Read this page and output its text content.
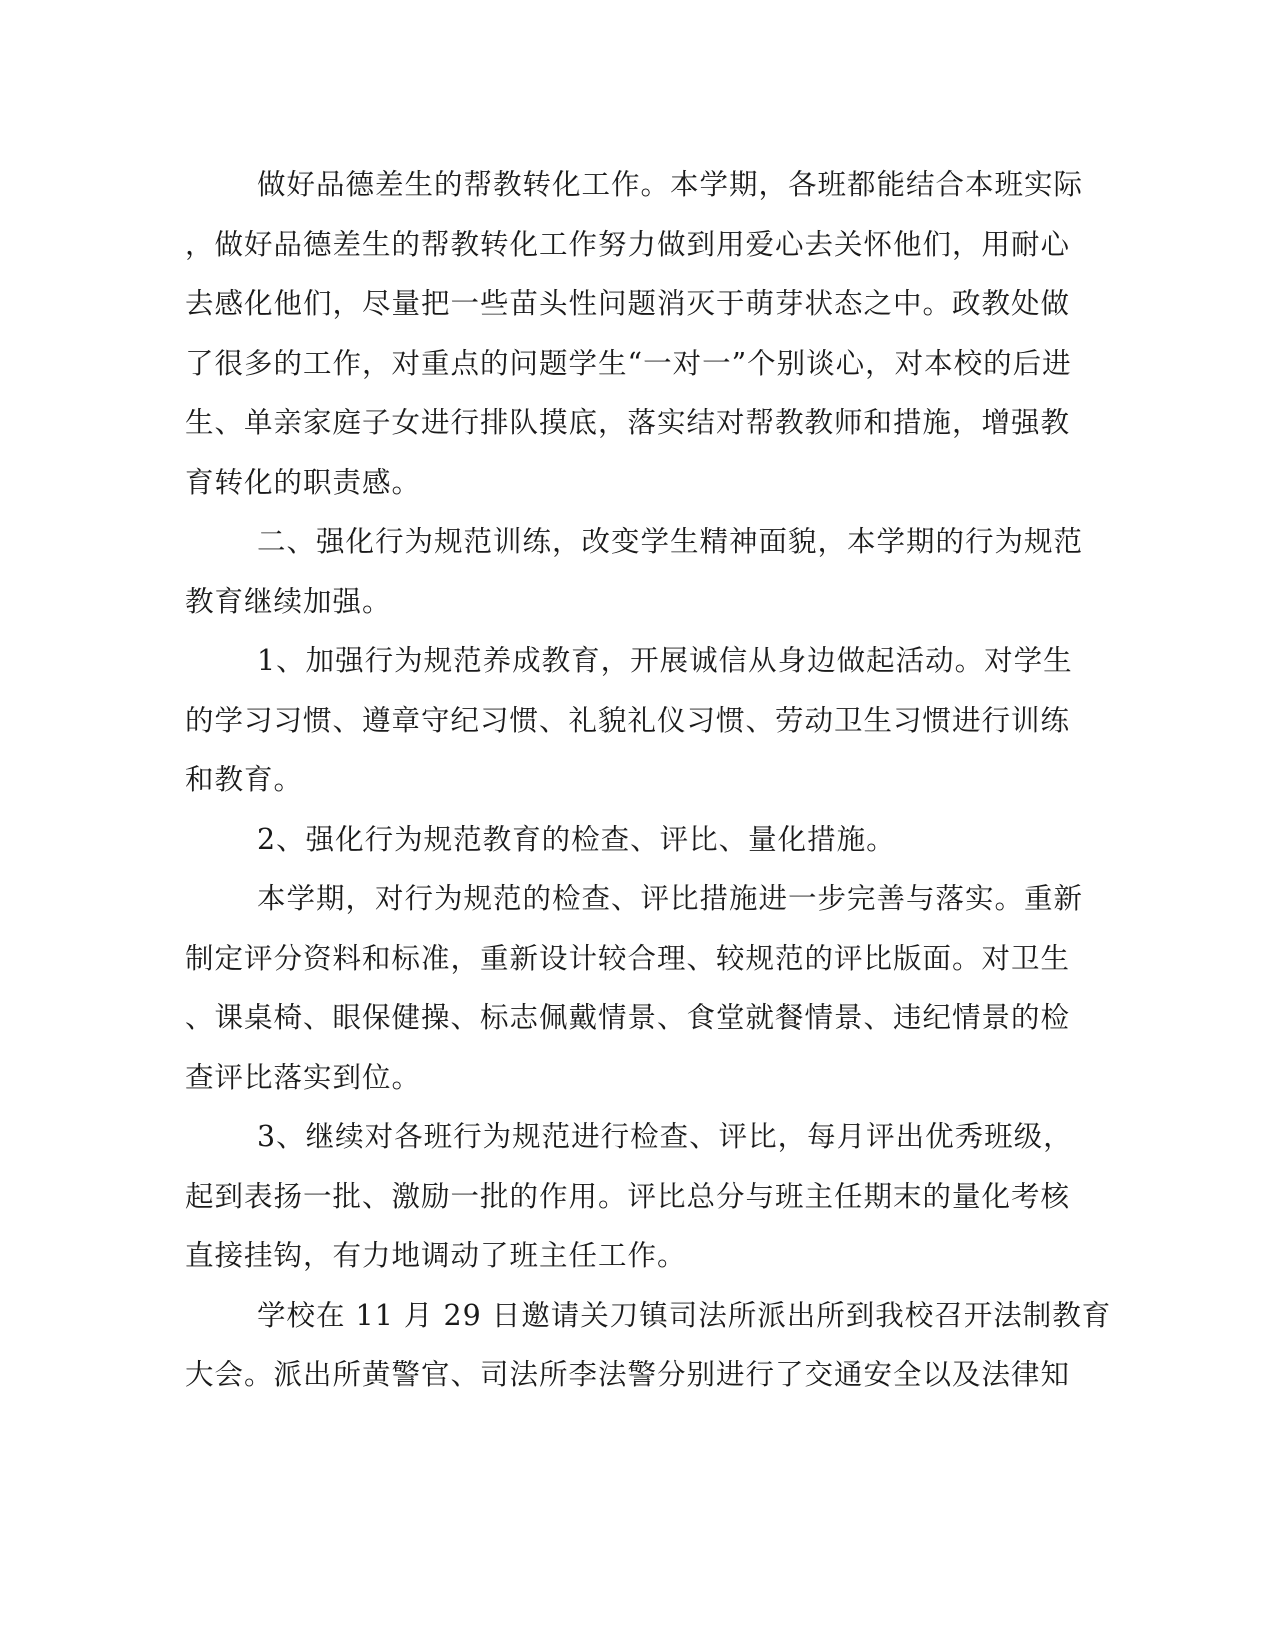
做好品德差生的帮教转化工作。本学期，各班都能结合本班实际
，做好品德差生的帮教转化工作努力做到用爱心去关怀他们，用耐心
去感化他们，尽量把一些苗头性问题消灭于萌芽状态之中。政教处做
了很多的工作，对重点的问题学生“一对一”个别谈心，对本校的后进
生、单亲家庭子女进行排队摸底，落实结对帮教教师和措施，增强教
育转化的职责感。
二、强化行为规范训练，改变学生精神面貌，本学期的行为规范
教育继续加强。
1、加强行为规范养成教育，开展诚信从身边做起活动。对学生
的学习习惯、遵章守纪习惯、礼貌礼仪习惯、劳动卫生习惯进行训练
和教育。
2、强化行为规范教育的检查、评比、量化措施。
本学期，对行为规范的检查、评比措施进一步完善与落实。重新
制定评分资料和标准，重新设计较合理、较规范的评比版面。对卫生
、课桌椅、眼保健操、标志佩戴情景、食堂就餐情景、违纪情景的检
查评比落实到位。
3、继续对各班行为规范进行检查、评比，每月评出优秀班级，
起到表扬一批、激励一批的作用。评比总分与班主任期末的量化考核
直接挂钩，有力地调动了班主任工作。
学校在 11 月 29 日邀请关刀镇司法所派出所到我校召开法制教育
大会。派出所黄警官、司法所李法警分别进行了交通安全以及法律知
